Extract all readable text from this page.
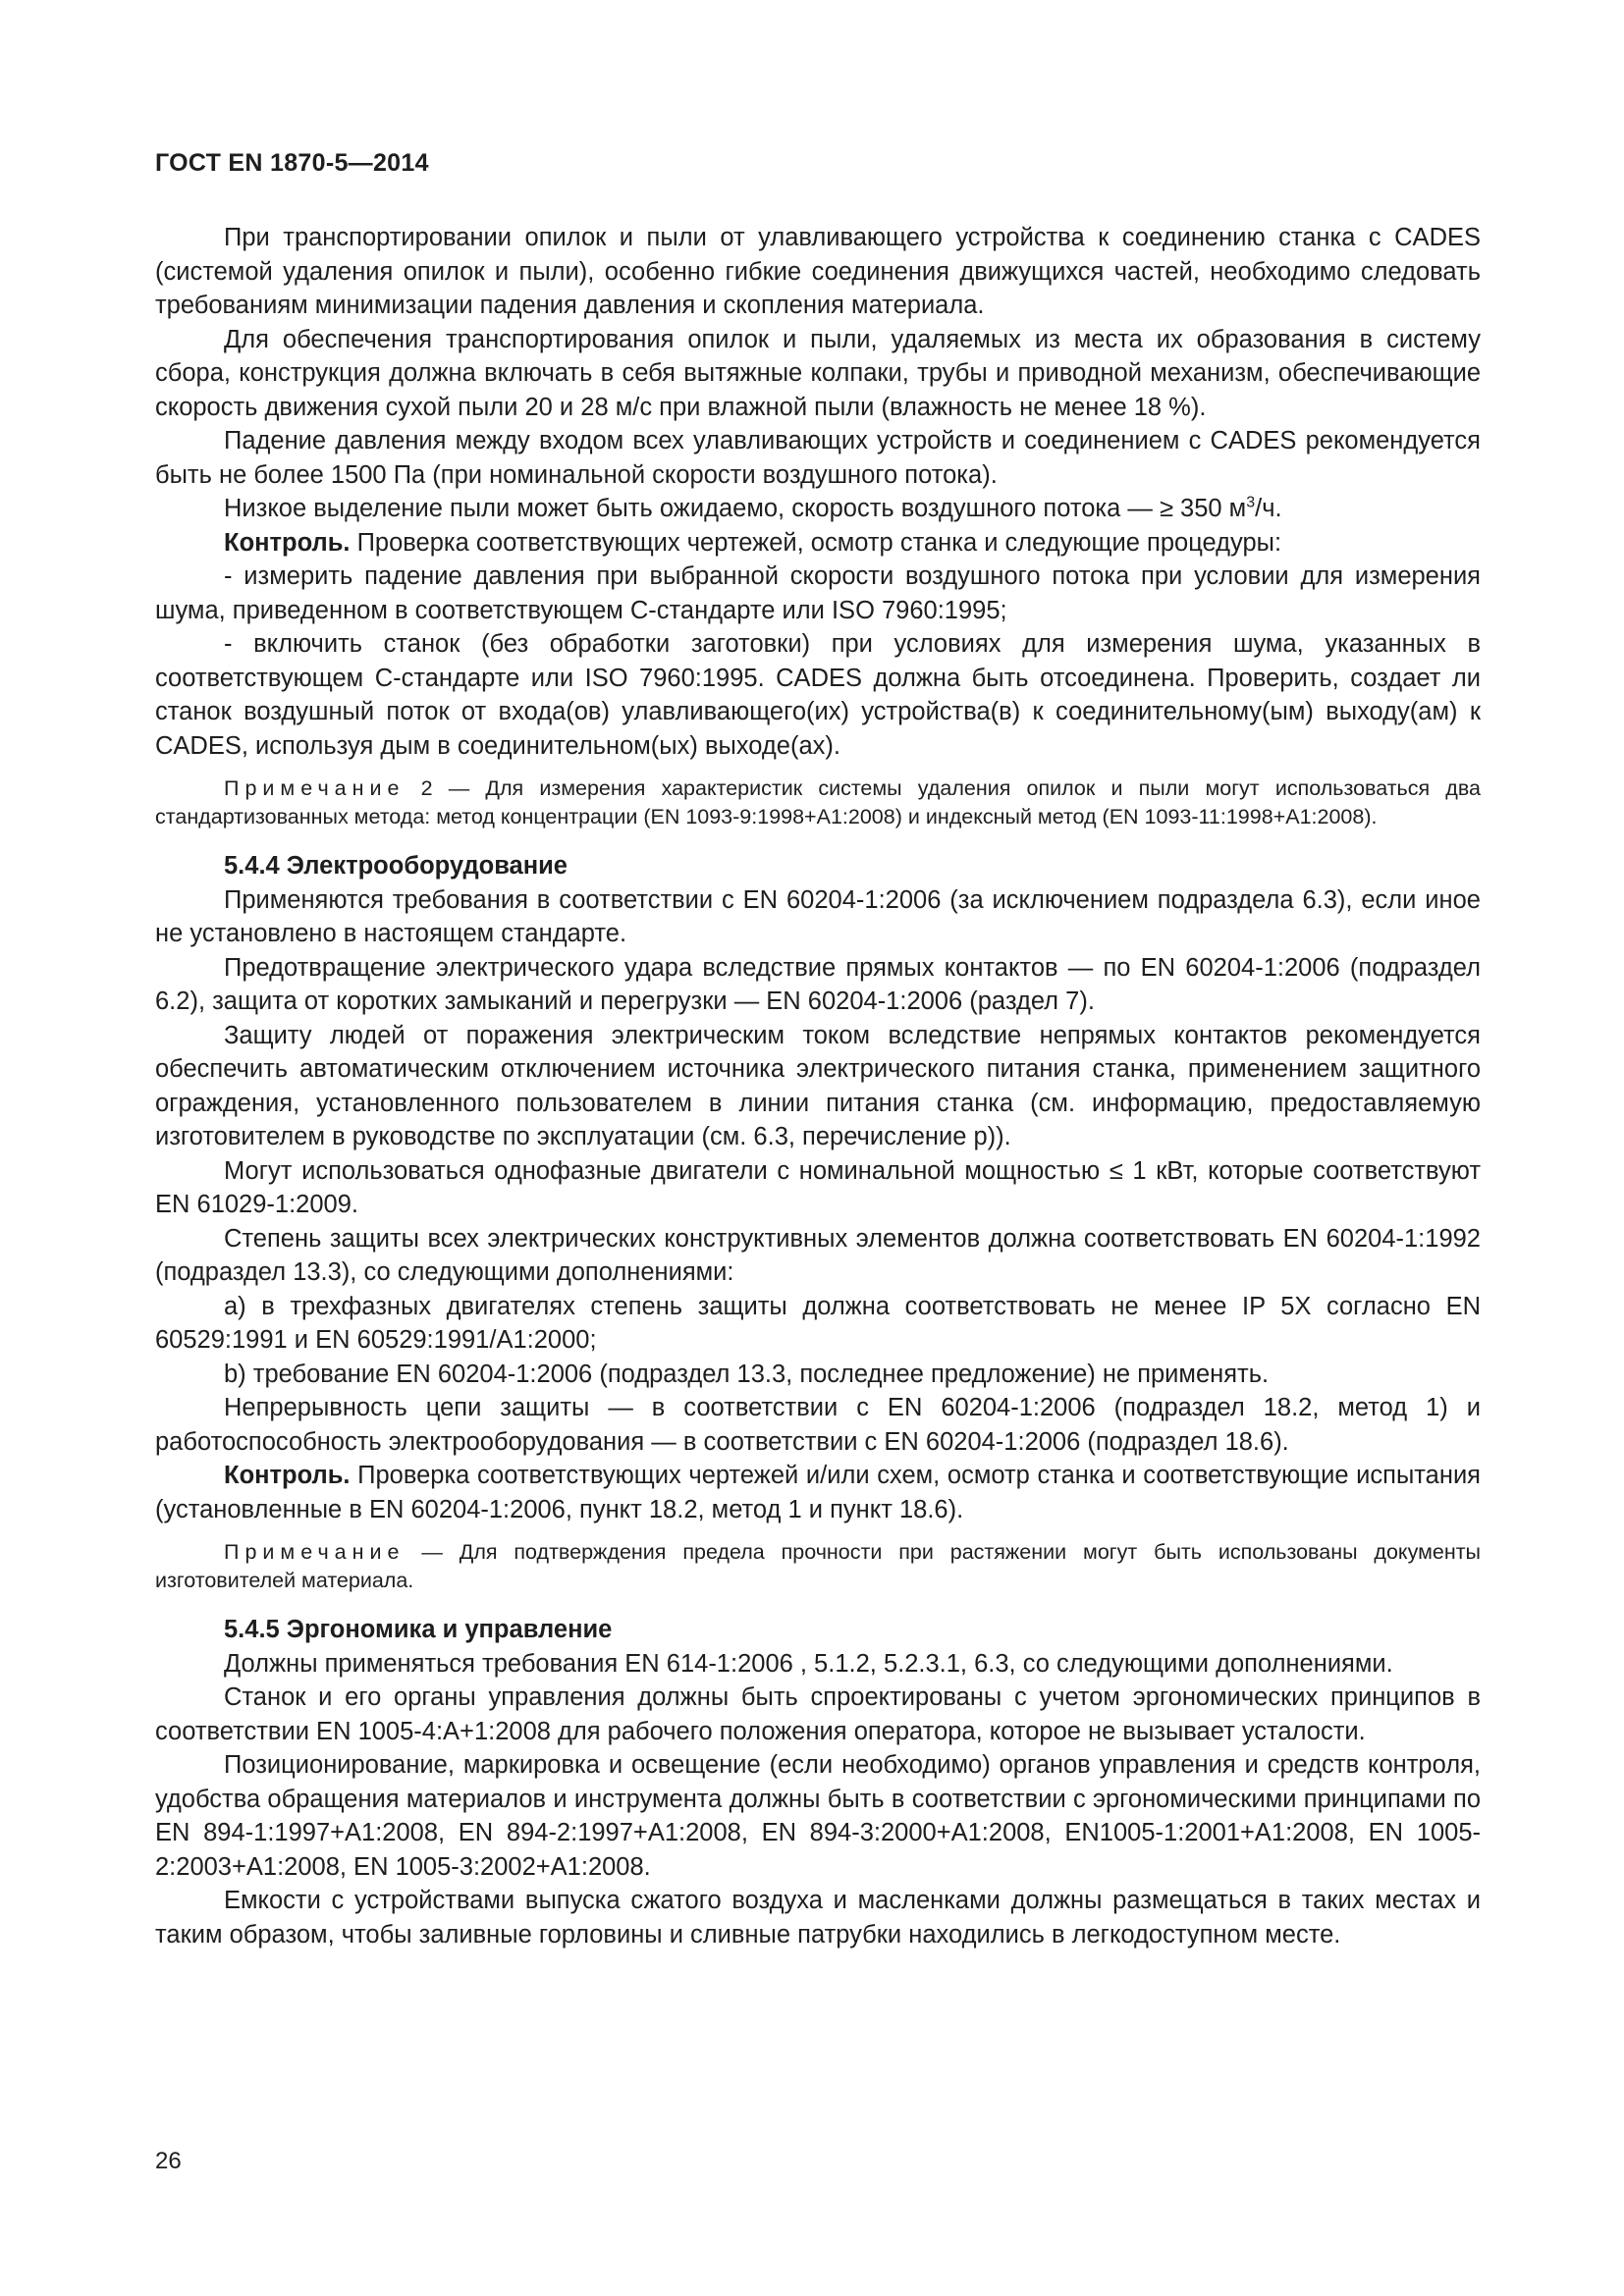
ГОСТ EN 1870-5—2014

При транспортировании опилок и пыли от улавливающего устройства к соединению станка с CADES (системой удаления опилок и пыли), особенно гибкие соединения движущихся частей, необходимо следовать требованиям минимизации падения давления и скопления материала.

Для обеспечения транспортирования опилок и пыли, удаляемых из места их образования в систему сбора, конструкция должна включать в себя вытяжные колпаки, трубы и приводной механизм, обеспечивающие скорость движения сухой пыли 20 и 28 м/с при влажной пыли (влажность не менее 18 %).

Падение давления между входом всех улавливающих устройств и соединением с CADES рекомендуется быть не более 1500 Па (при номинальной скорости воздушного потока).

Низкое выделение пыли может быть ожидаемо, скорость воздушного потока — ≥ 350 $м^3/ч$.

Контроль. Проверка соответствующих чертежей, осмотр станка и следующие процедуры:

- измерить падение давления при выбранной скорости воздушного потока при условии для измерения шума, приведенном в соответствующем С-стандарте или ISO 7960:1995;

- включить станок (без обработки заготовки) при условиях для измерения шума, указанных в соответствующем С-стандарте или ISO 7960:1995. CADES должна быть отсоединена. Проверить, создает ли станок воздушный поток от входа(ов) улавливающего(их) устройства(в) к соединительному(ым) выходу(ам) к CADES, используя дым в соединительном(ых) выходе(ах).

Примечание 2 — Для измерения характеристик системы удаления опилок и пыли могут использоваться два стандартизованных метода: метод концентрации (EN 1093-9:1998+A1:2008) и индексный метод (EN 1093-11:1998+A1:2008).
5.4.4 Электрооборудование

Применяются требования в соответствии с EN 60204-1:2006 (за исключением подраздела 6.3), если иное не установлено в настоящем стандарте.

Предотвращение электрического удара вследствие прямых контактов — по EN 60204-1:2006 (подраздел 6.2), защита от коротких замыканий и перегрузки — EN 60204-1:2006 (раздел 7).

Защиту людей от поражения электрическим током вследствие непрямых контактов рекомендуется обеспечить автоматическим отключением источника электрического питания станка, применением защитного ограждения, установленного пользователем в линии питания станка (см. информацию, предоставляемую изготовителем в руководстве по эксплуатации (см. 6.3, перечисление р)).

Могут использоваться однофазные двигатели с номинальной мощностью ≤ 1 кВт, которые соответствуют EN 61029-1:2009.

Степень защиты всех электрических конструктивных элементов должна соответствовать EN 60204-1:1992 (подраздел 13.3), со следующими дополнениями:

a) в трехфазных двигателях степень защиты должна соответствовать не менее IP 5X согласно EN 60529:1991 и EN 60529:1991/A1:2000;

b) требование EN 60204-1:2006 (подраздел 13.3, последнее предложение) не применять.

Непрерывность цепи защиты — в соответствии с EN 60204-1:2006 (подраздел 18.2, метод 1) и работоспособность электрооборудования — в соответствии с EN 60204-1:2006 (подраздел 18.6).

Контроль. Проверка соответствующих чертежей и/или схем, осмотр станка и соответствующие испытания (установленные в EN 60204-1:2006, пункт 18.2, метод 1 и пункт 18.6).

Примечание — Для подтверждения предела прочности при растяжении могут быть использованы документы изготовителей материала.
5.4.5 Эргономика и управление

Должны применяться требования EN 614-1:2006 , 5.1.2, 5.2.3.1, 6.3, со следующими дополнениями.

Станок и его органы управления должны быть спроектированы с учетом эргономических принципов в соответствии EN 1005-4:A+1:2008 для рабочего положения оператора, которое не вызывает усталости.

Позиционирование, маркировка и освещение (если необходимо) органов управления и средств контроля, удобства обращения материалов и инструмента должны быть в соответствии с эргономическими принципами по EN 894-1:1997+A1:2008, EN 894-2:1997+A1:2008, EN 894-3:2000+A1:2008, EN1005-1:2001+A1:2008, EN 1005-2:2003+A1:2008, EN 1005-3:2002+A1:2008.

Емкости с устройствами выпуска сжатого воздуха и масленками должны размещаться в таких местах и таким образом, чтобы заливные горловины и сливные патрубки находились в легкодоступном месте.

26
